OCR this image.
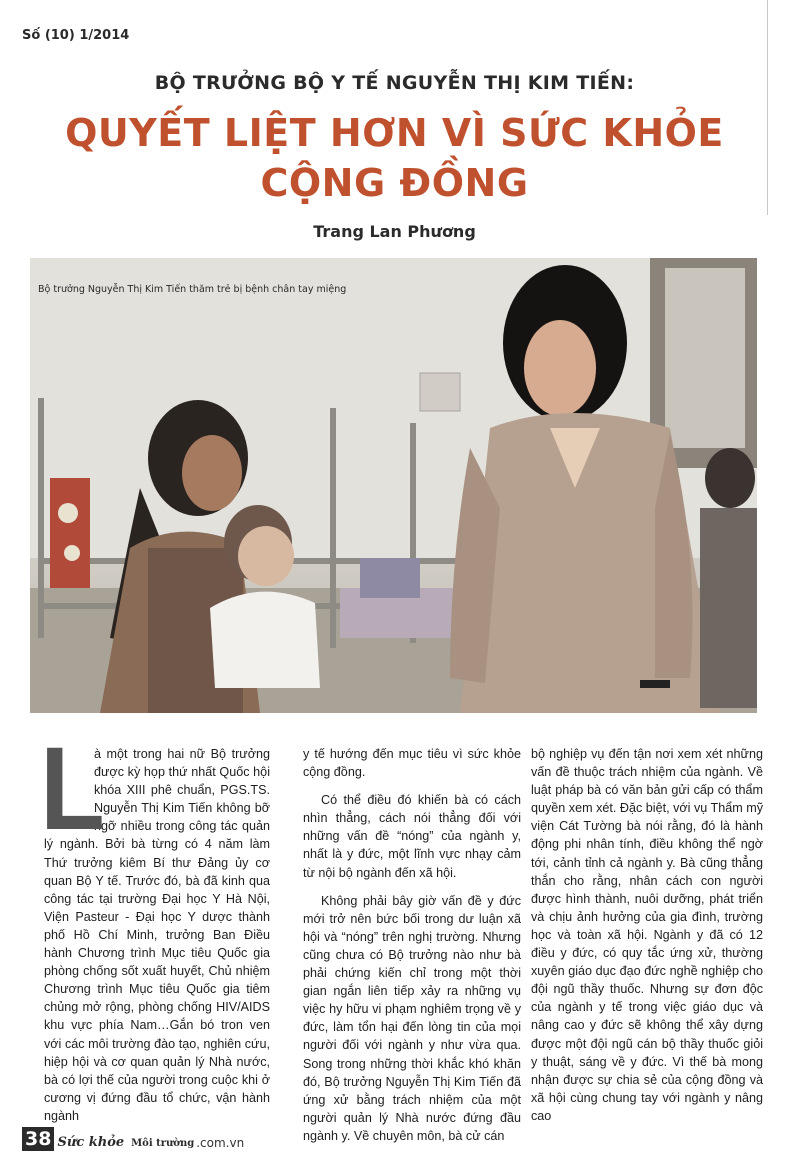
Số (10) 1/2014
BỘ TRƯỞNG BỘ Y TẾ NGUYỄN THỊ KIM TIẾN:
QUYẾT LIỆT HƠN VÌ SỨC KHỎE
CỘNG ĐỒNG
Trang Lan Phương
Bộ trưởng Nguyễn Thị Kim Tiến thăm trẻ bị bệnh chân tay miệng
L

à một trong hai nữ Bộ trưởng được kỳ họp thứ nhất Quốc hội khóa XIII phê chuẩn, PGS.TS. Nguyễn Thị Kim Tiến không bỡ ngỡ nhiều trong công tác quản lý ngành. Bởi bà từng có 4 năm làm Thứ trưởng kiêm Bí thư Đảng ủy cơ quan Bộ Y tế. Trước đó, bà đã kinh qua công tác tại trường Đại học Y Hà Nội, Viện Pasteur - Đại học Y dược thành phố Hồ Chí Minh, trưởng Ban Điều hành Chương trình Mục tiêu Quốc gia phòng chống sốt xuất huyết, Chủ nhiệm Chương trình Mục tiêu Quốc gia tiêm chủng mở rộng, phòng chống HIV/AIDS khu vực phía Nam…Gắn bó tron ven với các môi trường đào tạo, nghiên cứu, hiệp hội và cơ quan quản lý Nhà nước, bà có lợi thế của người trong cuộc khi ở cương vị đứng đầu tổ chức, vận hành ngành

y tế hướng đến mục tiêu vì sức khỏe cộng đồng.

Có thể điều đó khiến bà có cách nhìn thẳng, cách nói thẳng đối với những vấn đề “nóng” của ngành y, nhất là y đức, một lĩnh vực nhạy cảm từ nội bộ ngành đến xã hội.

Không phải bây giờ vấn đề y đức mới trở nên bức bối trong dư luận xã hội và “nóng” trên nghị trường. Nhưng cũng chưa có Bộ trưởng nào như bà phải chứng kiến chỉ trong một thời gian ngắn liên tiếp xảy ra những vụ việc hy hữu vi phạm nghiêm trọng về y đức, làm tổn hại đến lòng tin của mọi người đối với ngành y như vừa qua. Song trong những thời khắc khó khăn đó, Bộ trưởng Nguyễn Thị Kim Tiến đã ứng xử bằng trách nhiệm của một người quản lý Nhà nước đứng đầu ngành y. Về chuyên môn, bà cử cán

bộ nghiệp vụ đến tận nơi xem xét những vấn đề thuộc trách nhiệm của ngành. Về luật pháp bà có văn bản gửi cấp có thẩm quyền xem xét. Đặc biệt, với vụ Thẩm mỹ viện Cát Tường bà nói rằng, đó là hành động phi nhân tính, điều không thể ngờ tới, cảnh tỉnh cả ngành y. Bà cũng thẳng thắn cho rằng, nhân cách con người được hình thành, nuôi dưỡng, phát triển và chịu ảnh hưởng của gia đình, trường học và toàn xã hội. Ngành y đã có 12 điều y đức, có quy tắc ứng xử, thường xuyên giáo dục đạo đức nghề nghiệp cho đội ngũ thầy thuốc. Nhưng sự đơn độc của ngành y tế trong việc giáo dục và nâng cao y đức sẽ không thể xây dựng được một đội ngũ cán bộ thầy thuốc giỏi y thuật, sáng về y đức. Vì thế bà mong nhận được sự chia sẻ của cộng đồng và xã hội cùng chung tay với ngành y nâng cao

38 Sức khỏe Môi trường .com.vn
